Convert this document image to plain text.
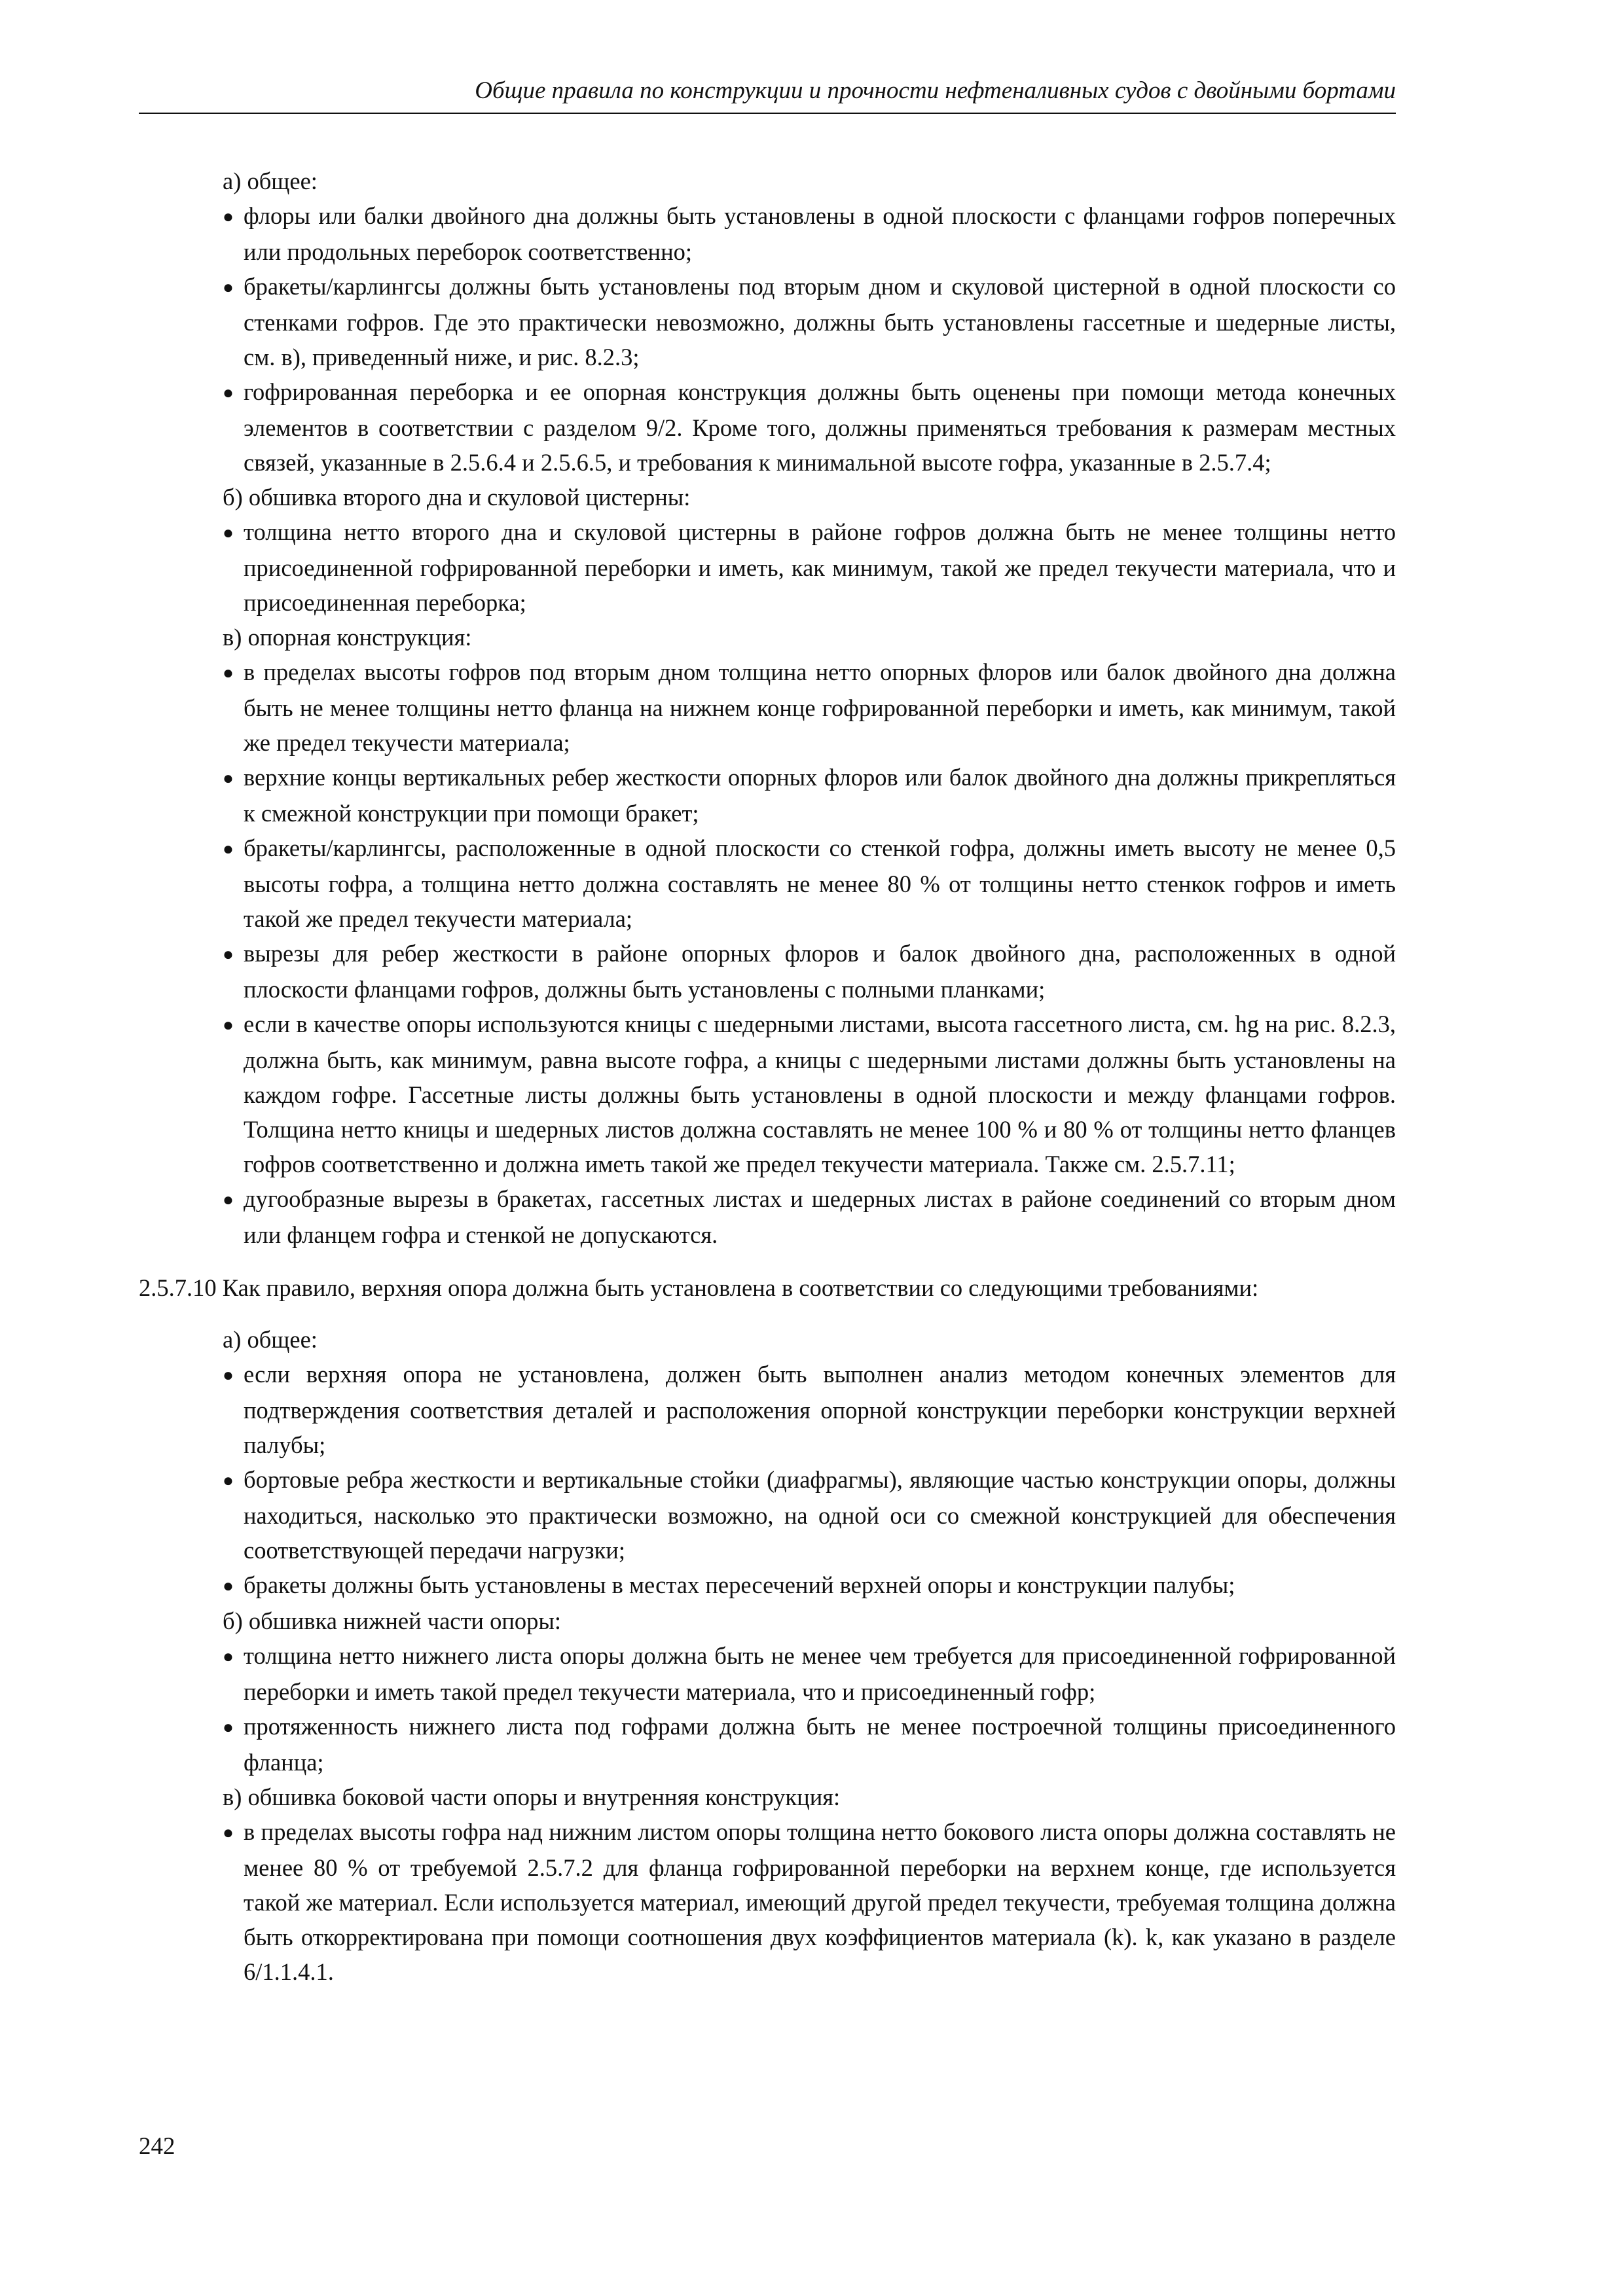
Общие правила по конструкции и прочности нефтеналивных судов с двойными бортами
а) общее:
● флоры или балки двойного дна должны быть установлены в одной плоскости с фланцами гофров поперечных или продольных переборок соответственно;
● бракеты/карлингсы должны быть установлены под вторым дном и скуловой цистерной в одной плоскости со стенками гофров. Где это практически невозможно, должны быть установлены гассетные и шедерные листы, см. в), приведенный ниже, и рис. 8.2.3;
● гофрированная переборка и ее опорная конструкция должны быть оценены при помощи метода конечных элементов в соответствии с разделом 9/2. Кроме того, должны применяться требования к размерам местных связей, указанные в 2.5.6.4 и 2.5.6.5, и требования к минимальной высоте гофра, указанные в 2.5.7.4;
б) обшивка второго дна и скуловой цистерны:
● толщина нетто второго дна и скуловой цистерны в районе гофров должна быть не менее толщины нетто присоединенной гофрированной переборки и иметь, как минимум, такой же предел текучести материала, что и присоединенная переборка;
в) опорная конструкция:
● в пределах высоты гофров под вторым дном толщина нетто опорных флоров или балок двойного дна должна быть не менее толщины нетто фланца на нижнем конце гофрированной переборки и иметь, как минимум, такой же предел текучести материала;
● верхние концы вертикальных ребер жесткости опорных флоров или балок двойного дна должны прикрепляться к смежной конструкции при помощи бракет;
● бракеты/карлингсы, расположенные в одной плоскости со стенкой гофра, должны иметь высоту не менее 0,5 высоты гофра, а толщина нетто должна составлять не менее 80 % от толщины нетто стенкок гофров и иметь такой же предел текучести материала;
● вырезы для ребер жесткости в районе опорных флоров и балок двойного дна, расположенных в одной плоскости фланцами гофров, должны быть установлены с полными планками;
● если в качестве опоры используются кницы с шедерными листами, высота гассетного листа, см. hg на рис. 8.2.3, должна быть, как минимум, равна высоте гофра, а кницы с шедерными листами должны быть установлены на каждом гофре. Гассетные листы должны быть установлены в одной плоскости и между фланцами гофров. Толщина нетто кницы и шедерных листов должна составлять не менее 100 % и 80 % от толщины нетто фланцев гофров соответственно и должна иметь такой же предел текучести материала. Также см. 2.5.7.11;
● дугообразные вырезы в бракетах, гассетных листах и шедерных листах в районе соединений со вторым дном или фланцем гофра и стенкой не допускаются.
2.5.7.10 Как правило, верхняя опора должна быть установлена в соответствии со следующими требованиями:
а) общее:
● если верхняя опора не установлена, должен быть выполнен анализ методом конечных элементов для подтверждения соответствия деталей и расположения опорной конструкции переборки конструкции верхней палубы;
● бортовые ребра жесткости и вертикальные стойки (диафрагмы), являющие частью конструкции опоры, должны находиться, насколько это практически возможно, на одной оси со смежной конструкцией для обеспечения соответствующей передачи нагрузки;
● бракеты должны быть установлены в местах пересечений верхней опоры и конструкции палубы;
б) обшивка нижней части опоры:
● толщина нетто нижнего листа опоры должна быть не менее чем требуется для присоединенной гофрированной переборки и иметь такой предел текучести материала, что и присоединенный гофр;
● протяженность нижнего листа под гофрами должна быть не менее построечной толщины присоединенного фланца;
в) обшивка боковой части опоры и внутренняя конструкция:
● в пределах высоты гофра над нижним листом опоры толщина нетто бокового листа опоры должна составлять не менее 80 % от требуемой 2.5.7.2 для фланца гофрированной переборки на верхнем конце, где используется такой же материал. Если используется материал, имеющий другой предел текучести, требуемая толщина должна быть откорректирована при помощи соотношения двух коэффициентов материала (k). k, как указано в разделе 6/1.1.4.1.
242
